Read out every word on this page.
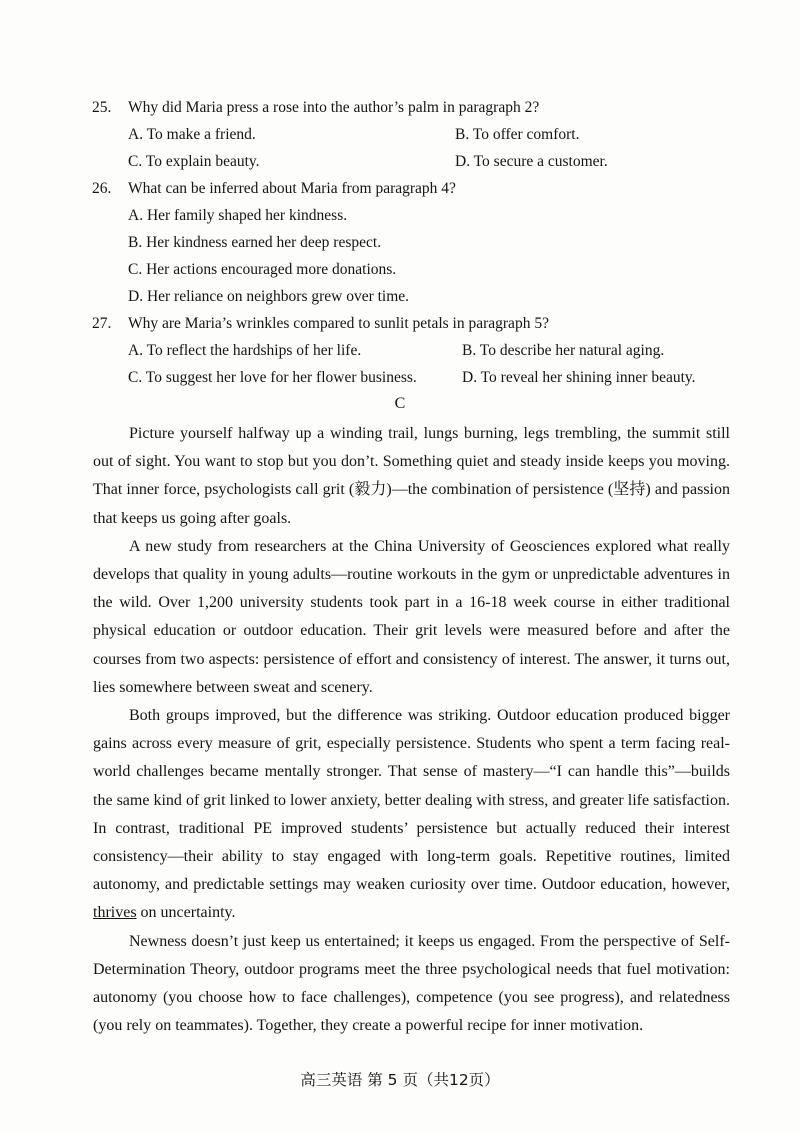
25. Why did Maria press a rose into the author’s palm in paragraph 2?
A. To make a friend.	B. To offer comfort.
C. To explain beauty.	D. To secure a customer.
26. What can be inferred about Maria from paragraph 4?
A. Her family shaped her kindness.
B. Her kindness earned her deep respect.
C. Her actions encouraged more donations.
D. Her reliance on neighbors grew over time.
27. Why are Maria’s wrinkles compared to sunlit petals in paragraph 5?
A. To reflect the hardships of her life.	B. To describe her natural aging.
C. To suggest her love for her flower business.	D. To reveal her shining inner beauty.
C

Picture yourself halfway up a winding trail, lungs burning, legs trembling, the summit still out of sight. You want to stop but you don’t. Something quiet and steady inside keeps you moving. That inner force, psychologists call grit (毅力)—the combination of persistence (坚持) and passion that keeps us going after goals.

A new study from researchers at the China University of Geosciences explored what really develops that quality in young adults—routine workouts in the gym or unpredictable adventures in the wild. Over 1,200 university students took part in a 16-18 week course in either traditional physical education or outdoor education. Their grit levels were measured before and after the courses from two aspects: persistence of effort and consistency of interest. The answer, it turns out, lies somewhere between sweat and scenery.

Both groups improved, but the difference was striking. Outdoor education produced bigger gains across every measure of grit, especially persistence. Students who spent a term facing real-world challenges became mentally stronger. That sense of mastery—“I can handle this”—builds the same kind of grit linked to lower anxiety, better dealing with stress, and greater life satisfaction. In contrast, traditional PE improved students’ persistence but actually reduced their interest consistency—their ability to stay engaged with long-term goals. Repetitive routines, limited autonomy, and predictable settings may weaken curiosity over time. Outdoor education, however, thrives on uncertainty.

Newness doesn’t just keep us entertained; it keeps us engaged. From the perspective of Self-Determination Theory, outdoor programs meet the three psychological needs that fuel motivation: autonomy (you choose how to face challenges), competence (you see progress), and relatedness (you rely on teammates). Together, they create a powerful recipe for inner motivation.

高三英语 第 5 页（共12页）
